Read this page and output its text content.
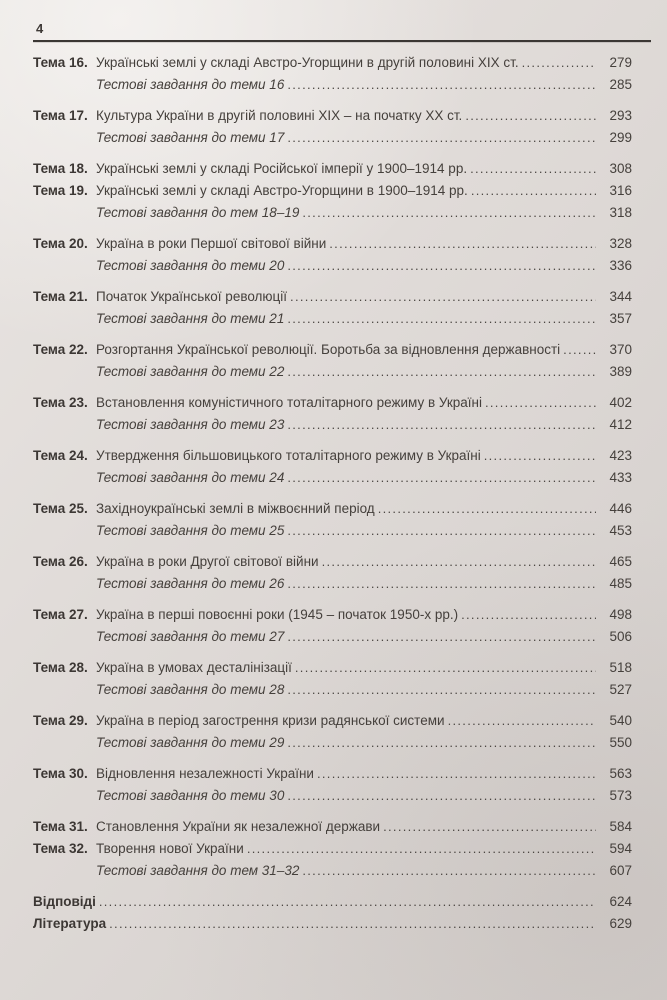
4
Тема 16. Українські землі у складі Австро-Угорщини в другій половині XIX ст. .....	279
Тестові завдання до теми 16 .....	285
Тема 17. Культура України в другій половині XIX – на початку XX ст. .....	293
Тестові завдання до теми 17 .....	299
Тема 18. Українські землі у складі Російської імперії у 1900–1914 рр. .....	308
Тема 19. Українські землі у складі Австро-Угорщини в 1900–1914 рр. .....	316
Тестові завдання до тем 18–19 .....	318
Тема 20. Україна в роки Першої світової війни .....	328
Тестові завдання до теми 20 .....	336
Тема 21. Початок Української революції .....	344
Тестові завдання до теми 21 .....	357
Тема 22. Розгортання Української революції. Боротьба за відновлення державності .....	370
Тестові завдання до теми 22 .....	389
Тема 23. Встановлення комуністичного тоталітарного режиму в Україні .....	402
Тестові завдання до теми 23 .....	412
Тема 24. Утвердження більшовицького тоталітарного режиму в Україні .....	423
Тестові завдання до теми 24 .....	433
Тема 25. Західноукраїнські землі в міжвоєнний період .....	446
Тестові завдання до теми 25 .....	453
Тема 26. Україна в роки Другої світової війни .....	465
Тестові завдання до теми 26 .....	485
Тема 27. Україна в перші повоєнні роки (1945 – початок 1950-х рр.) .....	498
Тестові завдання до теми 27 .....	506
Тема 28. Україна в умовах десталінізації .....	518
Тестові завдання до теми 28 .....	527
Тема 29. Україна в період загострення кризи радянської системи .....	540
Тестові завдання до теми 29 .....	550
Тема 30. Відновлення незалежності України .....	563
Тестові завдання до теми 30 .....	573
Тема 31. Становлення України як незалежної держави .....	584
Тема 32. Творення нової України .....	594
Тестові завдання до тем 31–32 .....	607
Відповіді .....	624
Література .....	629
